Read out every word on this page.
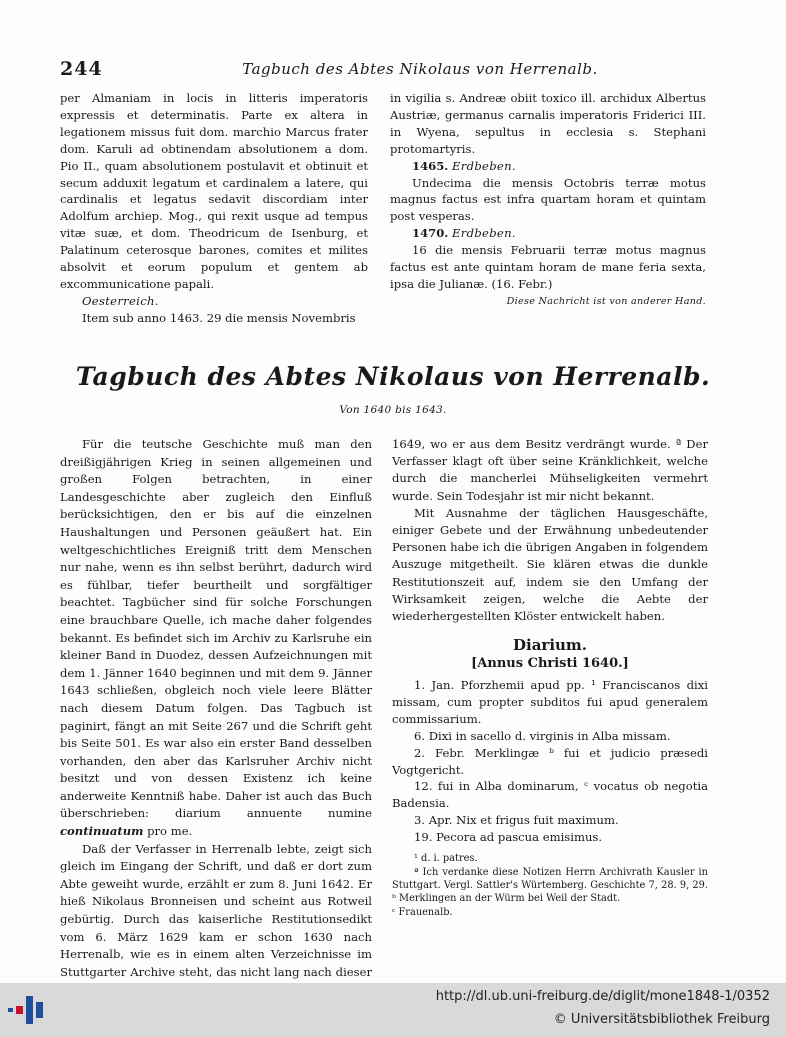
244	Tagbuch des Abtes Nikolaus von Herrenalb.

per Almaniam in locis in litteris imperatoris expressis et determinatis. Parte ex altera in legationem missus fuit dom. marchio Marcus frater dom. Karuli ad obtinendam absolutionem a dom. Pio II., quam absolutionem postulavit et obtinuit et secum adduxit legatum et cardinalem a latere, qui cardinalis et legatus sedavit discordiam inter Adolfum archiep. Mog., qui rexit usque ad tempus vitæ suæ, et dom. Theodricum de Isenburg, et Palatinum ceterosque barones, comites et milites absolvit et eorum populum et gentem ab excommunicatione papali.

Oesterreich.

Item sub anno 1463. 29 die mensis Novembris

in vigilia s. Andreæ obiit toxico ill. archidux Albertus Austriæ, germanus carnalis imperatoris Friderici III. in Wyena, sepultus in ecclesia s. Stephani protomartyris.

1465. Erdbeben.

Undecima die mensis Octobris terræ motus magnus factus est infra quartam horam et quintam post vesperas.

1470. Erdbeben.

16 die mensis Februarii terræ motus magnus factus est ante quintam horam de mane feria sexta, ipsa die Julianæ. (16. Febr.)

Diese Nachricht ist von anderer Hand.

Tagbuch des Abtes Nikolaus von Herrenalb.
Von 1640 bis 1643.

Für die teutsche Geschichte muß man den dreißigjährigen Krieg in seinen allgemeinen und großen Folgen betrachten, in einer Landesgeschichte aber zugleich den Einfluß berücksichtigen, den er bis auf die einzelnen Haushaltungen und Personen geäußert hat. Ein weltgeschichtliches Ereigniß tritt dem Menschen nur nahe, wenn es ihn selbst berührt, dadurch wird es fühlbar, tiefer beurtheilt und sorgfältiger beachtet. Tagbücher sind für solche Forschungen eine brauchbare Quelle, ich mache daher folgendes bekannt. Es befindet sich im Archiv zu Karlsruhe ein kleiner Band in Duodez, dessen Aufzeichnungen mit dem 1. Jänner 1640 beginnen und mit dem 9. Jänner 1643 schließen, obgleich noch viele leere Blätter nach diesem Datum folgen. Das Tagbuch ist paginirt, fängt an mit Seite 267 und die Schrift geht bis Seite 501. Es war also ein erster Band desselben vorhanden, den aber das Karlsruher Archiv nicht besitzt und von dessen Existenz ich keine anderweite Kenntniß habe. Daher ist auch das Buch überschrieben: diarium annuente numine continuatum pro me.

Daß der Verfasser in Herrenalb lebte, zeigt sich gleich im Eingang der Schrift, und daß er dort zum Abte geweiht wurde, erzählt er zum 8. Juni 1642. Er hieß Nikolaus Bronneisen und scheint aus Rotweil gebürtig. Durch das kaiserliche Restitutionsedikt vom 6. März 1629 kam er schon 1630 nach Herrenalb, wie es in einem alten Verzeichnisse im Stuttgarter Archive steht, das nicht lang nach dieser

1649, wo er aus dem Besitz verdrängt wurde. ª Der Verfasser klagt oft über seine Kränklichkeit, welche durch die mancherlei Mühseligkeiten vermehrt wurde. Sein Todesjahr ist mir nicht bekannt.

Mit Ausnahme der täglichen Hausgeschäfte, einiger Gebete und der Erwähnung unbedeutender Personen habe ich die übrigen Angaben in folgendem Auszuge mitgetheilt. Sie klären etwas die dunkle Restitutionszeit auf, indem sie den Umfang der Wirksamkeit zeigen, welche die Aebte der wiederhergestellten Klöster entwickelt haben.

Diarium.
[Annus Christi 1640.]

1. Jan. Pforzhemii apud pp. ¹ Franciscanos dixi missam, cum propter subditos fui apud generalem commissarium.

6. Dixi in sacello d. virginis in Alba missam.

2. Febr. Merklingæ ᵇ fui et judicio præsedi Vogtgericht.

12. fui in Alba dominarum, ᶜ vocatus ob negotia Badensia.

3. Apr. Nix et frigus fuit maximum.

19. Pecora ad pascua emisimus.

¹ d. i. patres.

ª Ich verdanke diese Notizen Herrn Archivrath Kausler in Stuttgart. Vergl. Sattler's Würtemberg. Geschichte 7, 28. 9, 29. ᵇ Merklingen an der Würm bei Weil der Stadt.

ᶜ Frauenalb.

http://dl.ub.uni-freiburg.de/diglit/mone1848-1/0352
© Universitätsbibliothek Freiburg
